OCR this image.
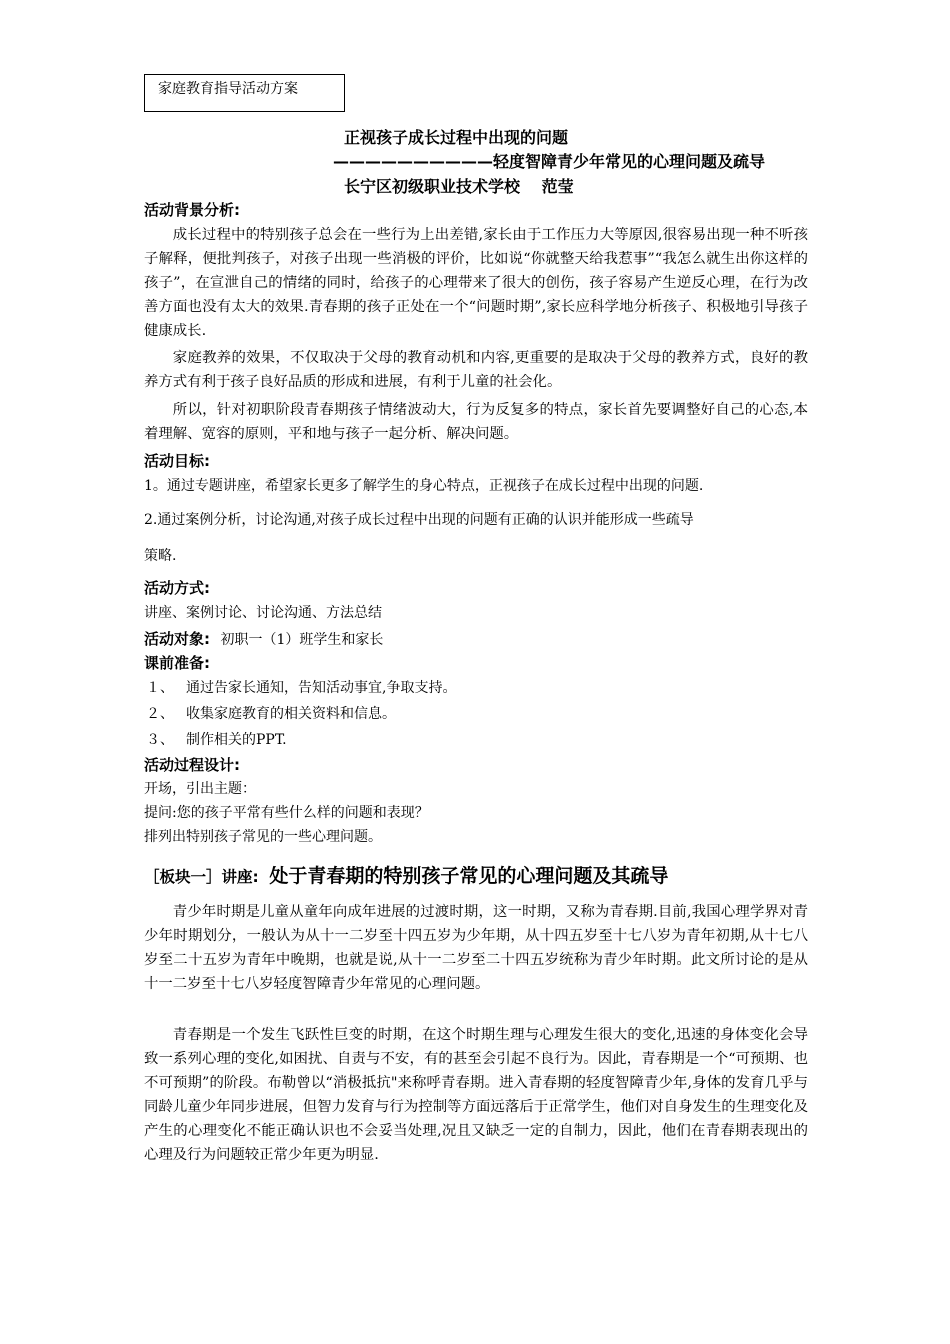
家庭教育指导活动方案
正视孩子成长过程中出现的问题
——————————轻度智障青少年常见的心理问题及疏导
长宁区初级职业技术学校　 范莹
活动背景分析:
成长过程中的特别孩子总会在一些行为上出差错,家长由于工作压力大等原因,很容易出现一种不听孩子解释，便批判孩子，对孩子出现一些消极的评价，比如说“你就整天给我惹事”“我怎么就生出你这样的孩子”，在宣泄自己的情绪的同时，给孩子的心理带来了很大的创伤，孩子容易产生逆反心理，在行为改善方面也没有太大的效果.青春期的孩子正处在一个“问题时期”,家长应科学地分析孩子、积极地引导孩子健康成长.
家庭教养的效果，不仅取决于父母的教育动机和内容,更重要的是取决于父母的教养方式，良好的教养方式有利于孩子良好品质的形成和进展，有利于儿童的社会化。
所以，针对初职阶段青春期孩子情绪波动大，行为反复多的特点，家长首先要调整好自己的心态,本着理解、宽容的原则，平和地与孩子一起分析、解决问题。
活动目标:
1。通过专题讲座，希望家长更多了解学生的身心特点，正视孩子在成长过程中出现的问题.
2.通过案例分析，讨论沟通,对孩子成长过程中出现的问题有正确的认识并能形成一些疏导
策略.
活动方式:
讲座、案例讨论、讨论沟通、方法总结
活动对象: 初职一（1）班学生和家长
课前准备:
１、 通过告家长通知，告知活动事宜,争取支持。
２、 收集家庭教育的相关资料和信息。
３、 制作相关的PPT.
活动过程设计:
开场，引出主题：
提问:您的孩子平常有些什么样的问题和表现？
排列出特别孩子常见的一些心理问题。
［板块一］讲座: 处于青春期的特别孩子常见的心理问题及其疏导
青少年时期是儿童从童年向成年进展的过渡时期，这一时期，又称为青春期.目前,我国心理学界对青少年时期划分，一般认为从十一二岁至十四五岁为少年期，从十四五岁至十七八岁为青年初期,从十七八岁至二十五岁为青年中晚期，也就是说,从十一二岁至二十四五岁统称为青少年时期。此文所讨论的是从十一二岁至十七八岁轻度智障青少年常见的心理问题。
青春期是一个发生飞跃性巨变的时期，在这个时期生理与心理发生很大的变化,迅速的身体变化会导致一系列心理的变化,如困扰、自责与不安，有的甚至会引起不良行为。因此，青春期是一个“可预期、也不可预期”的阶段。布勒曾以“消极抵抗"来称呼青春期。进入青春期的轻度智障青少年,身体的发育几乎与同龄儿童少年同步进展，但智力发育与行为控制等方面远落后于正常学生，他们对自身发生的生理变化及产生的心理变化不能正确认识也不会妥当处理,况且又缺乏一定的自制力，因此，他们在青春期表现出的心理及行为问题较正常少年更为明显.
